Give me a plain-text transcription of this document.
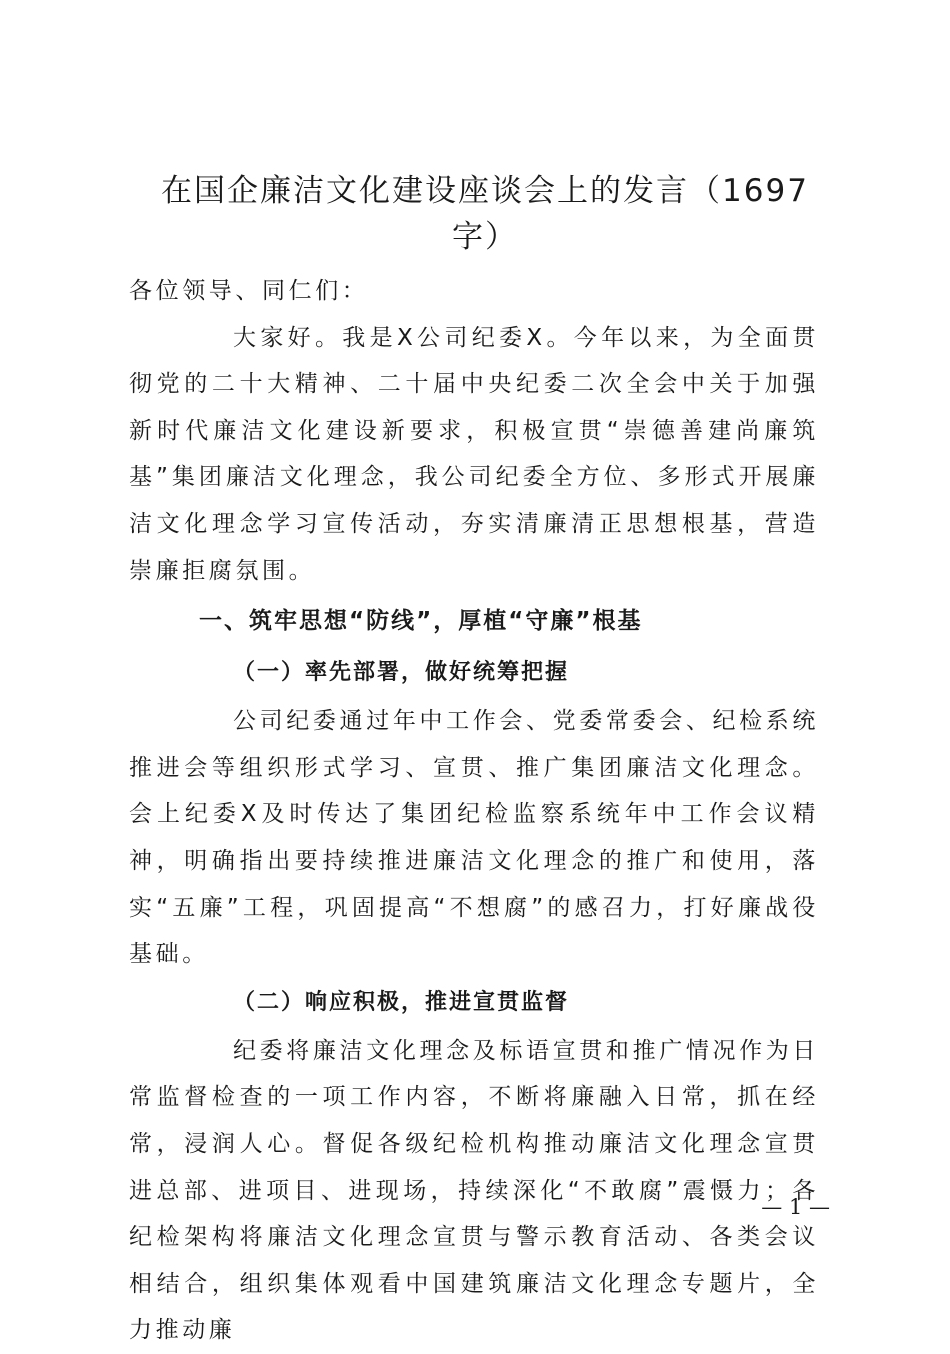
在国企廉洁文化建设座谈会上的发言（1697字）

各位领导、同仁们：

大家好。我是X公司纪委X。今年以来，为全面贯彻党的二十大精神、二十届中央纪委二次全会中关于加强新时代廉洁文化建设新要求，积极宣贯“崇德善建尚廉筑基”集团廉洁文化理念，我公司纪委全方位、多形式开展廉洁文化理念学习宣传活动，夯实清廉清正思想根基，营造崇廉拒腐氛围。

一、筑牢思想“防线”，厚植“守廉”根基

（一）率先部署，做好统筹把握

公司纪委通过年中工作会、党委常委会、纪检系统推进会等组织形式学习、宣贯、推广集团廉洁文化理念。会上纪委X及时传达了集团纪检监察系统年中工作会议精神，明确指出要持续推进廉洁文化理念的推广和使用，落实“五廉”工程，巩固提高“不想腐”的感召力，打好廉战役基础。

（二）响应积极，推进宣贯监督

纪委将廉洁文化理念及标语宣贯和推广情况作为日常监督检查的一项工作内容，不断将廉融入日常，抓在经常，浸润人心。督促各级纪检机构推动廉洁文化理念宣贯进总部、进项目、进现场，持续深化“不敢腐”震慑力；各纪检架构将廉洁文化理念宣贯与警示教育活动、各类会议相结合，组织集体观看中国建筑廉洁文化理念专题片，全力推动廉

— 1 —
